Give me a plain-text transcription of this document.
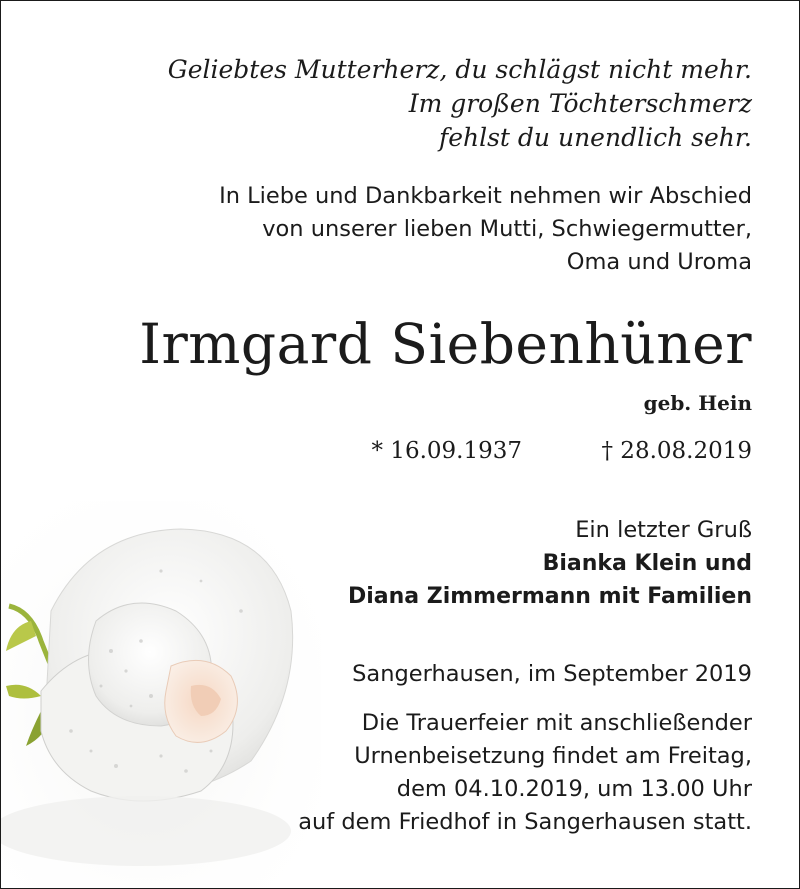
Geliebtes Mutterherz, du schlägst nicht mehr.
Im großen Töchterschmerz
fehlst du unendlich sehr.
In Liebe und Dankbarkeit nehmen wir Abschied
von unserer lieben Mutti, Schwiegermutter,
Oma und Uroma
Irmgard Siebenhüner
geb. Hein
* 16.09.1937	† 28.08.2019
Ein letzter Gruß
Bianka Klein und
Diana Zimmermann mit Familien
Sangerhausen, im September 2019
Die Trauerfeier mit anschließender
Urnenbeisetzung findet am Freitag,
dem 04.10.2019, um 13.00 Uhr
auf dem Friedhof in Sangerhausen statt.
